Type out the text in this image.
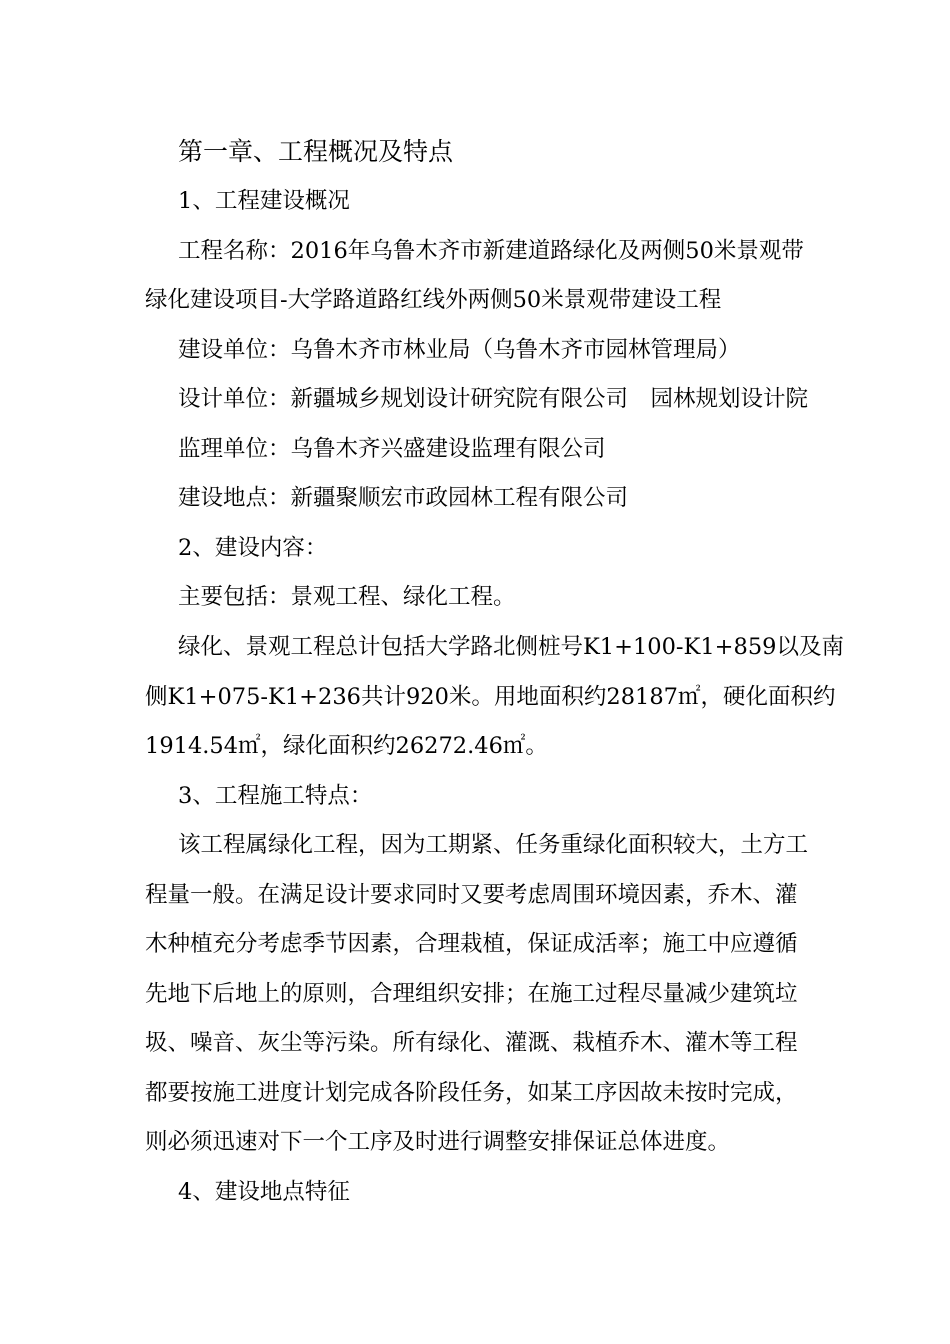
第一章、工程概况及特点
1、工程建设概况
工程名称：2016年乌鲁木齐市新建道路绿化及两侧50米景观带
绿化建设项目-大学路道路红线外两侧50米景观带建设工程
建设单位：乌鲁木齐市林业局（乌鲁木齐市园林管理局）
设计单位：新疆城乡规划设计研究院有限公司　园林规划设计院
监理单位：乌鲁木齐兴盛建设监理有限公司
建设地点：新疆聚顺宏市政园林工程有限公司
2、建设内容：
主要包括：景观工程、绿化工程。
绿化、景观工程总计包括大学路北侧桩号K1+100-K1+859以及南
侧K1+075-K1+236共计920米。用地面积约28187㎡，硬化面积约
1914.54㎡，绿化面积约26272.46㎡。
3、工程施工特点：
该工程属绿化工程，因为工期紧、任务重绿化面积较大，土方工
程量一般。在满足设计要求同时又要考虑周围环境因素，乔木、灌
木种植充分考虑季节因素，合理栽植，保证成活率；施工中应遵循
先地下后地上的原则，合理组织安排；在施工过程尽量减少建筑垃
圾、噪音、灰尘等污染。所有绿化、灌溉、栽植乔木、灌木等工程
都要按施工进度计划完成各阶段任务，如某工序因故未按时完成，
则必须迅速对下一个工序及时进行调整安排保证总体进度。
4、建设地点特征
